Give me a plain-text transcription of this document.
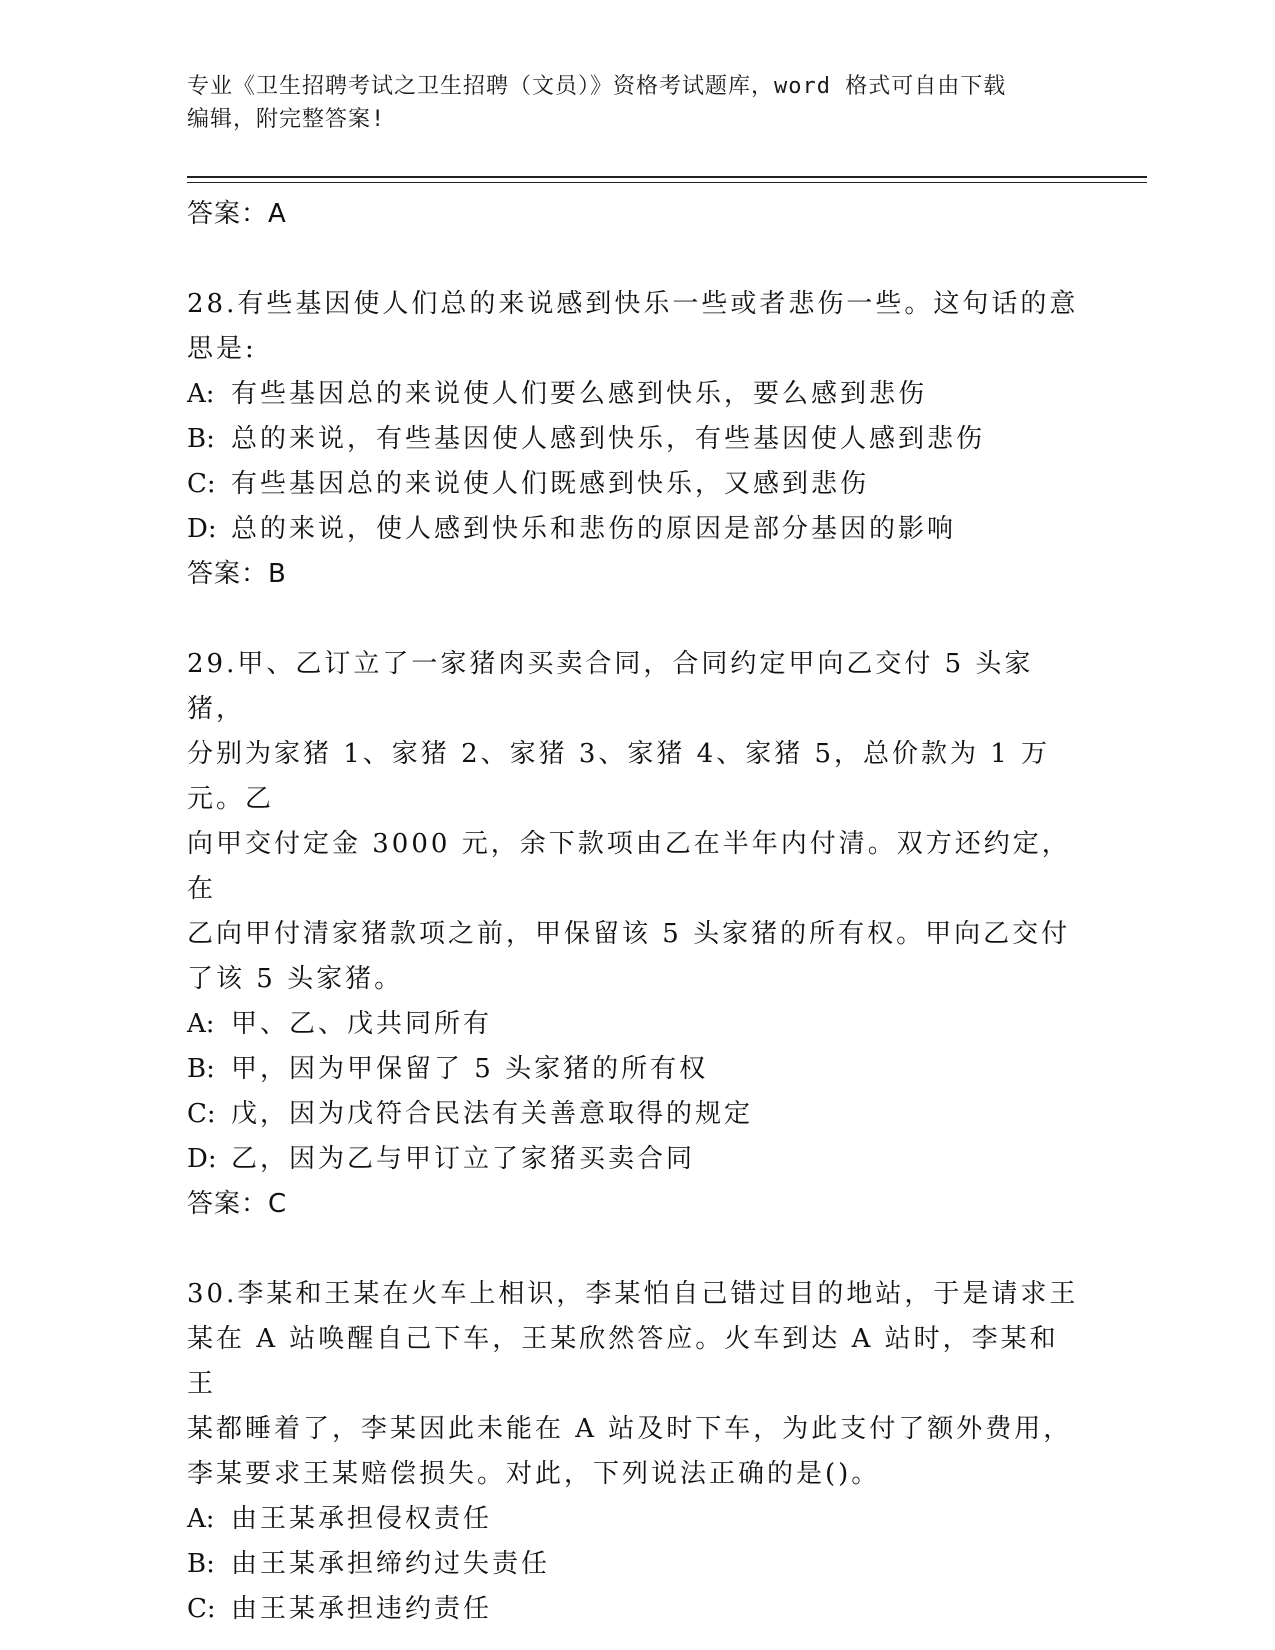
专业《卫生招聘考试之卫生招聘（文员）》资格考试题库，word 格式可自由下载
编辑，附完整答案!
答案：A
28.有些基因使人们总的来说感到快乐一些或者悲伤一些。这句话的意
思是:
A: 有些基因总的来说使人们要么感到快乐，要么感到悲伤
B: 总的来说，有些基因使人感到快乐，有些基因使人感到悲伤
C: 有些基因总的来说使人们既感到快乐，又感到悲伤
D: 总的来说，使人感到快乐和悲伤的原因是部分基因的影响
答案：B
29.甲、乙订立了一家猪肉买卖合同，合同约定甲向乙交付 5 头家猪，
分别为家猪 1、家猪 2、家猪 3、家猪 4、家猪 5，总价款为 1 万元。乙
向甲交付定金 3000 元，余下款项由乙在半年内付清。双方还约定，在
乙向甲付清家猪款项之前，甲保留该 5 头家猪的所有权。甲向乙交付
了该 5 头家猪。
A: 甲、乙、戊共同所有
B: 甲，因为甲保留了 5 头家猪的所有权
C: 戊，因为戊符合民法有关善意取得的规定
D: 乙，因为乙与甲订立了家猪买卖合同
答案：C
30.李某和王某在火车上相识，李某怕自己错过目的地站，于是请求王
某在 A 站唤醒自己下车，王某欣然答应。火车到达 A 站时，李某和王
某都睡着了，李某因此未能在 A 站及时下车，为此支付了额外费用，
李某要求王某赔偿损失。对此，下列说法正确的是()。
A: 由王某承担侵权责任
B: 由王某承担缔约过失责任
C: 由王某承担违约责任
